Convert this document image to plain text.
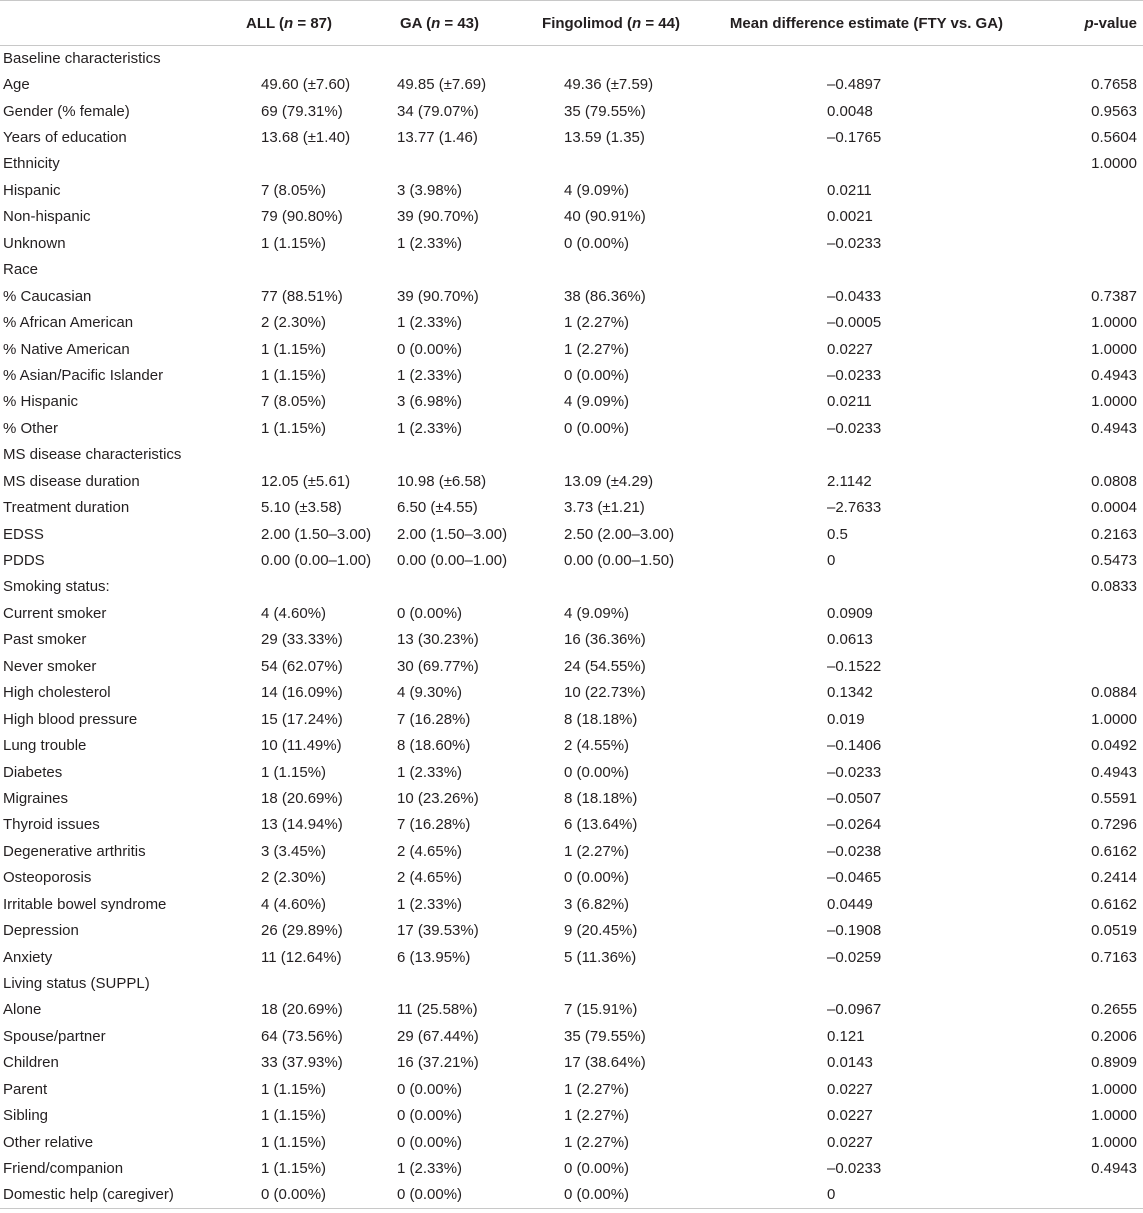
	ALL (n = 87)	GA (n = 43)	Fingolimod (n = 44)	Mean difference estimate (FTY vs. GA)	p-value
Baseline characteristics					
Age	49.60 (±7.60)	49.85 (±7.69)	49.36 (±7.59)	–0.4897	0.7658
Gender (% female)	69 (79.31%)	34 (79.07%)	35 (79.55%)	0.0048	0.9563
Years of education	13.68 (±1.40)	13.77 (1.46)	13.59 (1.35)	–0.1765	0.5604
Ethnicity					1.0000
Hispanic	7 (8.05%)	3 (3.98%)	4 (9.09%)	0.0211	
Non-hispanic	79 (90.80%)	39 (90.70%)	40 (90.91%)	0.0021	
Unknown	1 (1.15%)	1 (2.33%)	0 (0.00%)	–0.0233	
Race					
% Caucasian	77 (88.51%)	39 (90.70%)	38 (86.36%)	–0.0433	0.7387
% African American	2 (2.30%)	1 (2.33%)	1 (2.27%)	–0.0005	1.0000
% Native American	1 (1.15%)	0 (0.00%)	1 (2.27%)	0.0227	1.0000
% Asian/Pacific Islander	1 (1.15%)	1 (2.33%)	0 (0.00%)	–0.0233	0.4943
% Hispanic	7 (8.05%)	3 (6.98%)	4 (9.09%)	0.0211	1.0000
% Other	1 (1.15%)	1 (2.33%)	0 (0.00%)	–0.0233	0.4943
MS disease characteristics					
MS disease duration	12.05 (±5.61)	10.98 (±6.58)	13.09 (±4.29)	2.1142	0.0808
Treatment duration	5.10 (±3.58)	6.50 (±4.55)	3.73 (±1.21)	–2.7633	0.0004
EDSS	2.00 (1.50–3.00)	2.00 (1.50–3.00)	2.50 (2.00–3.00)	0.5	0.2163
PDDS	0.00 (0.00–1.00)	0.00 (0.00–1.00)	0.00 (0.00–1.50)	0	0.5473
Smoking status:					0.0833
Current smoker	4 (4.60%)	0 (0.00%)	4 (9.09%)	0.0909	
Past smoker	29 (33.33%)	13 (30.23%)	16 (36.36%)	0.0613	
Never smoker	54 (62.07%)	30 (69.77%)	24 (54.55%)	–0.1522	
High cholesterol	14 (16.09%)	4 (9.30%)	10 (22.73%)	0.1342	0.0884
High blood pressure	15 (17.24%)	7 (16.28%)	8 (18.18%)	0.019	1.0000
Lung trouble	10 (11.49%)	8 (18.60%)	2 (4.55%)	–0.1406	0.0492
Diabetes	1 (1.15%)	1 (2.33%)	0 (0.00%)	–0.0233	0.4943
Migraines	18 (20.69%)	10 (23.26%)	8 (18.18%)	–0.0507	0.5591
Thyroid issues	13 (14.94%)	7 (16.28%)	6 (13.64%)	–0.0264	0.7296
Degenerative arthritis	3 (3.45%)	2 (4.65%)	1 (2.27%)	–0.0238	0.6162
Osteoporosis	2 (2.30%)	2 (4.65%)	0 (0.00%)	–0.0465	0.2414
Irritable bowel syndrome	4 (4.60%)	1 (2.33%)	3 (6.82%)	0.0449	0.6162
Depression	26 (29.89%)	17 (39.53%)	9 (20.45%)	–0.1908	0.0519
Anxiety	11 (12.64%)	6 (13.95%)	5 (11.36%)	–0.0259	0.7163
Living status (SUPPL)					
Alone	18 (20.69%)	11 (25.58%)	7 (15.91%)	–0.0967	0.2655
Spouse/partner	64 (73.56%)	29 (67.44%)	35 (79.55%)	0.121	0.2006
Children	33 (37.93%)	16 (37.21%)	17 (38.64%)	0.0143	0.8909
Parent	1 (1.15%)	0 (0.00%)	1 (2.27%)	0.0227	1.0000
Sibling	1 (1.15%)	0 (0.00%)	1 (2.27%)	0.0227	1.0000
Other relative	1 (1.15%)	0 (0.00%)	1 (2.27%)	0.0227	1.0000
Friend/companion	1 (1.15%)	1 (2.33%)	0 (0.00%)	–0.0233	0.4943
Domestic help (caregiver)	0 (0.00%)	0 (0.00%)	0 (0.00%)	0	
